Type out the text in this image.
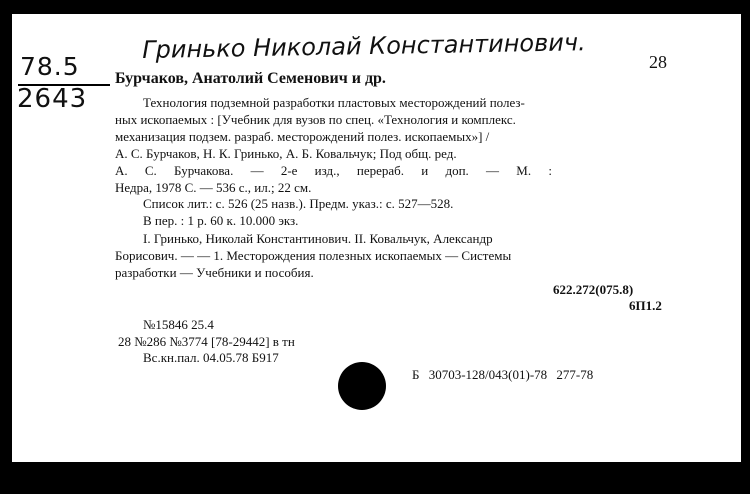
78.5
2643
Гринько Николай Константинович.	28
Бурчаков, Анатолий Семенович и др.
Технология подземной разработки пластовых месторождений полез-
ных ископаемых : [Учебник для вузов по спец. «Технология и комплекс.
механизация подзем. разраб. месторождений полез. ископаемых»] /
А. С. Бурчаков, Н. К. Гринько, А. Б. Ковальчук; Под общ. ред.
А. С. Бурчакова. — 2-е изд., перераб. и доп. — М. :
Недра, 1978 С. — 536 с., ил.; 22 см.
Список лит.: с. 526 (25 назв.). Предм. указ.: с. 527—528.
В пер. : 1 р. 60 к. 10.000 экз.
I. Гринько, Николай Константинович. II. Ковальчук, Александр
Борисович. — — 1. Месторождения полезных ископаемых — Системы
разработки — Учебники и пособия.
622.272(075.8)
6П1.2
№15846 25.4
28 №286 №3774 [78-29442] в тн
Вс.кн.пал. 04.05.78 Б917
Б 30703-128/043(01)-78 277-78
